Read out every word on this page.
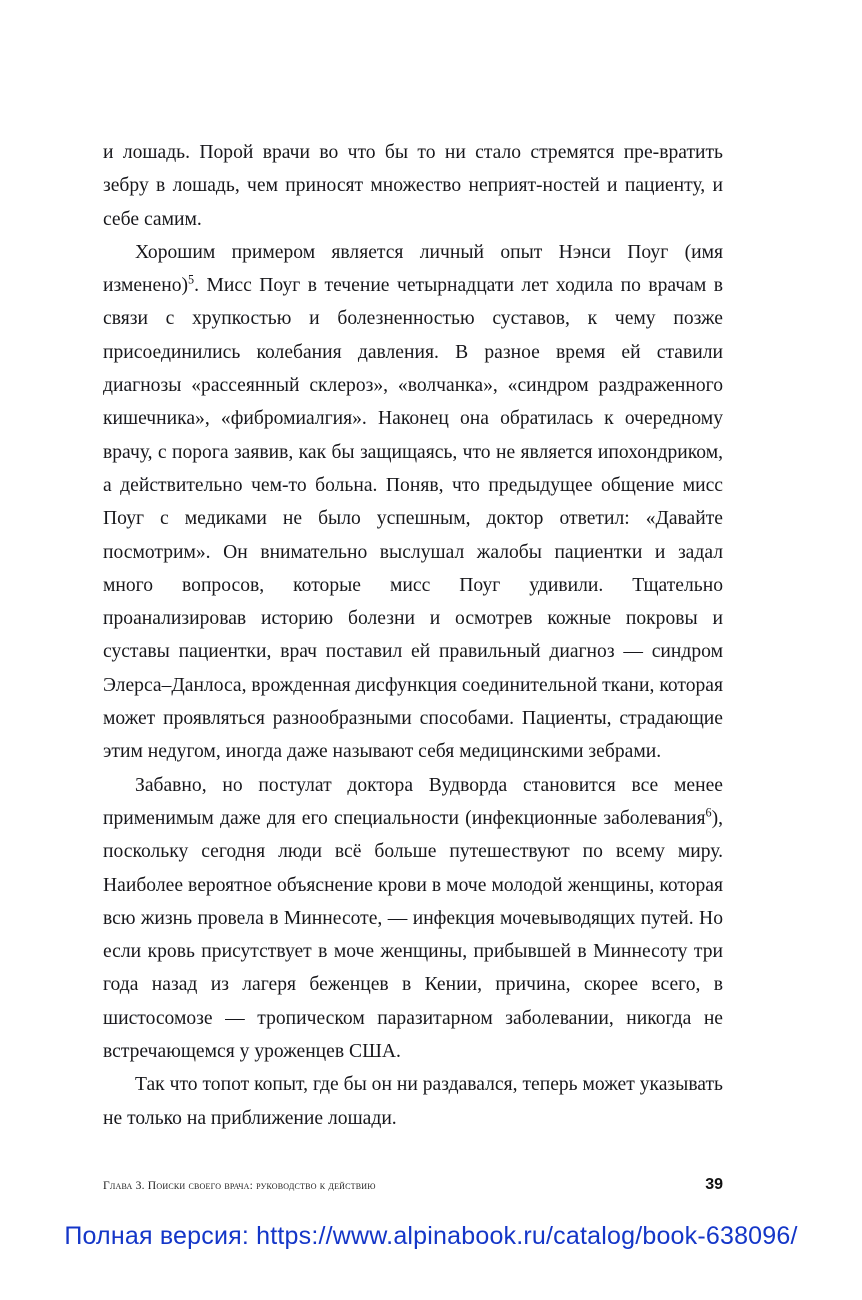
и лошадь. Порой врачи во что бы то ни стало стремятся пре-вратить зебру в лошадь, чем приносят множество неприят-ностей и пациенту, и себе самим.

Хорошим примером является личный опыт Нэнси Поуг (имя изменено)$^5$. Мисс Поуг в течение четырнадцати лет ходила по врачам в связи с хрупкостью и болезненностью суставов, к чему позже присоединились колебания давления. В разное время ей ставили диагнозы «рассеянный склероз», «волчанка», «синдром раздраженного кишечника», «фибромиалгия». Наконец она обратилась к очередному врачу, с порога заявив, как бы защищаясь, что не является ипохондриком, а действительно чем-то больна. Поняв, что предыдущее общение мисс Поуг с медиками не было успешным, доктор ответил: «Давайте посмотрим». Он внимательно выслушал жалобы пациентки и задал много вопросов, которые мисс Поуг удивили. Тщательно проанализировав историю болезни и осмотрев кожные покровы и суставы пациентки, врач поставил ей правильный диагноз — синдром Элерса–Данлоса, врожденная дисфункция соединительной ткани, которая может проявляться разнообразными способами. Пациенты, страдающие этим недугом, иногда даже называют себя медицинскими зебрами.

Забавно, но постулат доктора Вудворда становится все менее применимым даже для его специальности (инфекционные заболевания$^6$), поскольку сегодня люди всё больше путешествуют по всему миру. Наиболее вероятное объяснение крови в моче молодой женщины, которая всю жизнь провела в Миннесоте, — инфекция мочевыводящих путей. Но если кровь присутствует в моче женщины, прибывшей в Миннесоту три года назад из лагеря беженцев в Кении, причина, скорее всего, в шистосомозе — тропическом паразитарном заболевании, никогда не встречающемся у уроженцев США.

Так что топот копыт, где бы он ни раздавался, теперь может указывать не только на приближение лошади.

Глава 3. Поиски своего врача: руководство к действию	39
Полная версия: https://www.alpinabook.ru/catalog/book-638096/
